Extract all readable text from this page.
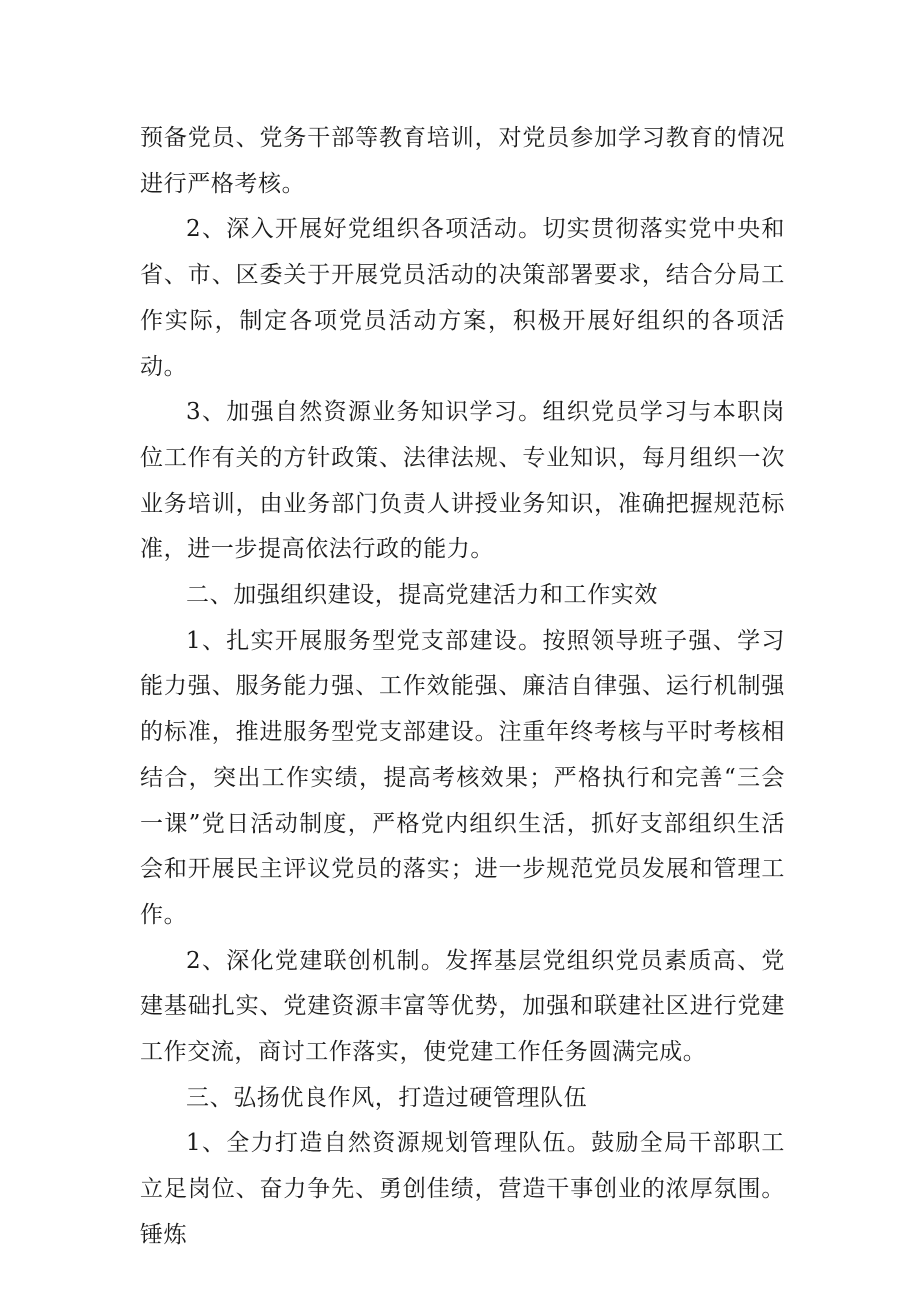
预备党员、党务干部等教育培训，对党员参加学习教育的情况进行严格考核。

2、深入开展好党组织各项活动。切实贯彻落实党中央和省、市、区委关于开展党员活动的决策部署要求，结合分局工作实际，制定各项党员活动方案，积极开展好组织的各项活动。

3、加强自然资源业务知识学习。组织党员学习与本职岗位工作有关的方针政策、法律法规、专业知识，每月组织一次业务培训，由业务部门负责人讲授业务知识，准确把握规范标准，进一步提高依法行政的能力。

二、加强组织建设，提高党建活力和工作实效

1、扎实开展服务型党支部建设。按照领导班子强、学习能力强、服务能力强、工作效能强、廉洁自律强、运行机制强的标准，推进服务型党支部建设。注重年终考核与平时考核相结合，突出工作实绩，提高考核效果；严格执行和完善“三会一课”党日活动制度，严格党内组织生活，抓好支部组织生活会和开展民主评议党员的落实；进一步规范党员发展和管理工作。

2、深化党建联创机制。发挥基层党组织党员素质高、党建基础扎实、党建资源丰富等优势，加强和联建社区进行党建工作交流，商讨工作落实，使党建工作任务圆满完成。

三、弘扬优良作风，打造过硬管理队伍

1、全力打造自然资源规划管理队伍。鼓励全局干部职工立足岗位、奋力争先、勇创佳绩，营造干事创业的浓厚氛围。锤炼
